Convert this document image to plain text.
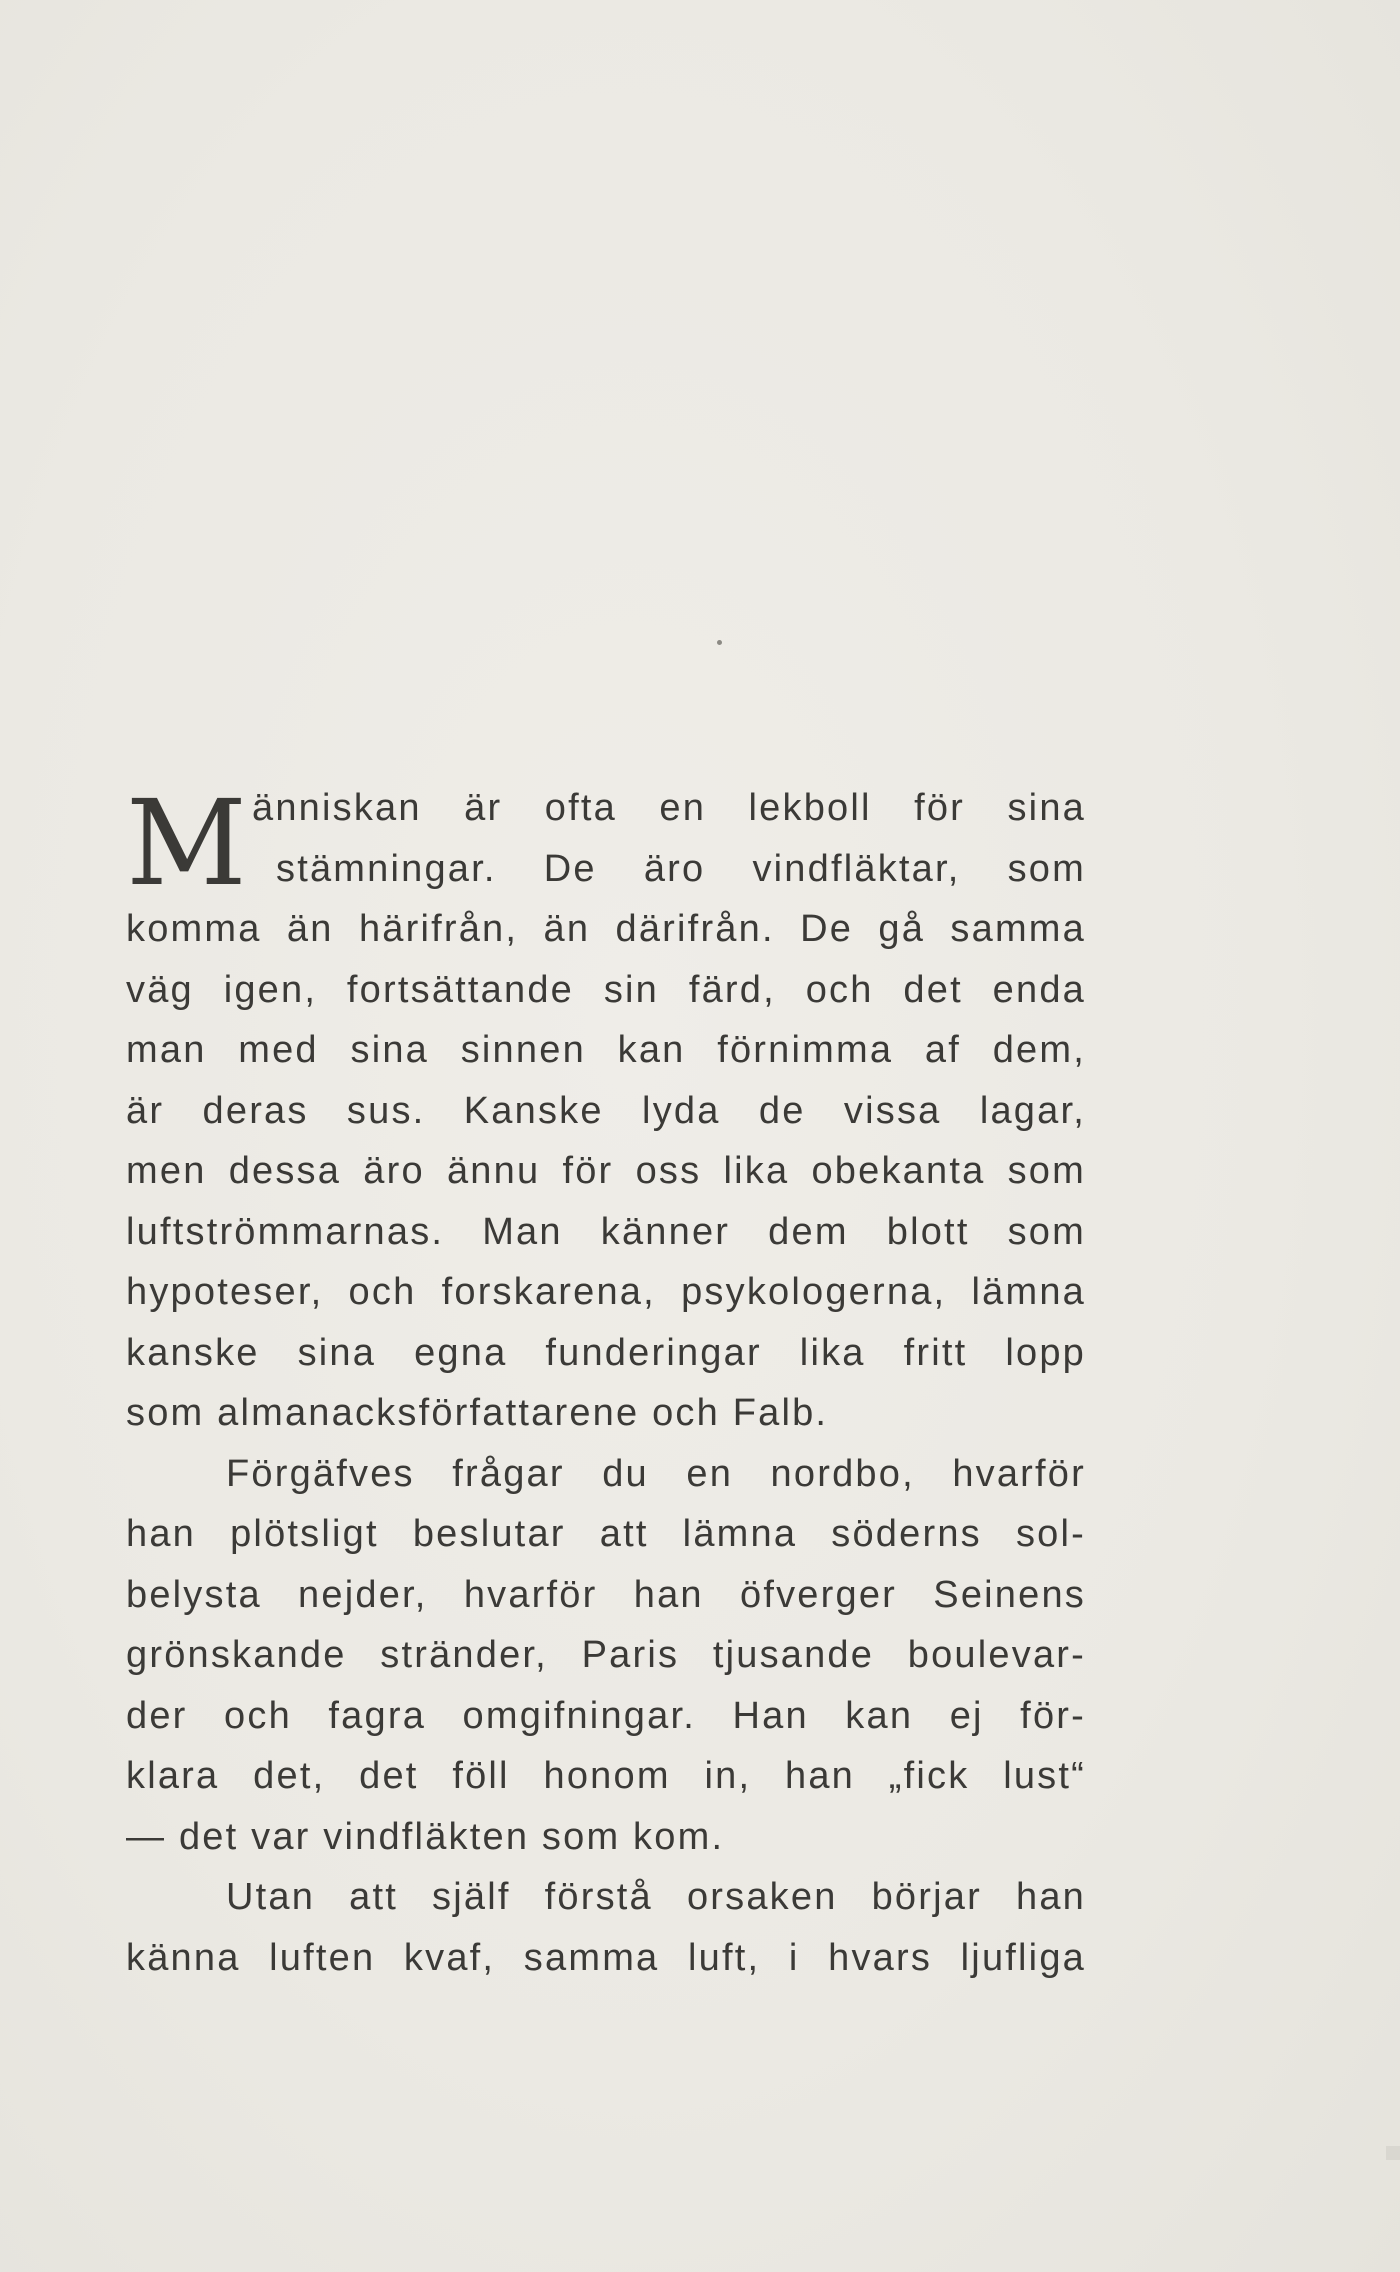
M änniskan är ofta en lekboll för sina
stämningar. De äro vindfläktar, som
komma än härifrån, än därifrån. De gå samma
väg igen, fortsättande sin färd, och det enda
man med sina sinnen kan förnimma af dem,
är deras sus. Kanske lyda de vissa lagar,
men dessa äro ännu för oss lika obekanta som
luftströmmarnas. Man känner dem blott som
hypoteser, och forskarena, psykologerna, lämna
kanske sina egna funderingar lika fritt lopp
som almanacksförfattarene och Falb.
Förgäfves frågar du en nordbo, hvarför
han plötsligt beslutar att lämna söderns sol-
belysta nejder, hvarför han öfverger Seinens
grönskande stränder, Paris tjusande boulevar-
der och fagra omgifningar. Han kan ej för-
klara det, det föll honom in, han „fick lust“
— det var vindfläkten som kom.
Utan att själf förstå orsaken börjar han
känna luften kvaf, samma luft, i hvars ljufliga
